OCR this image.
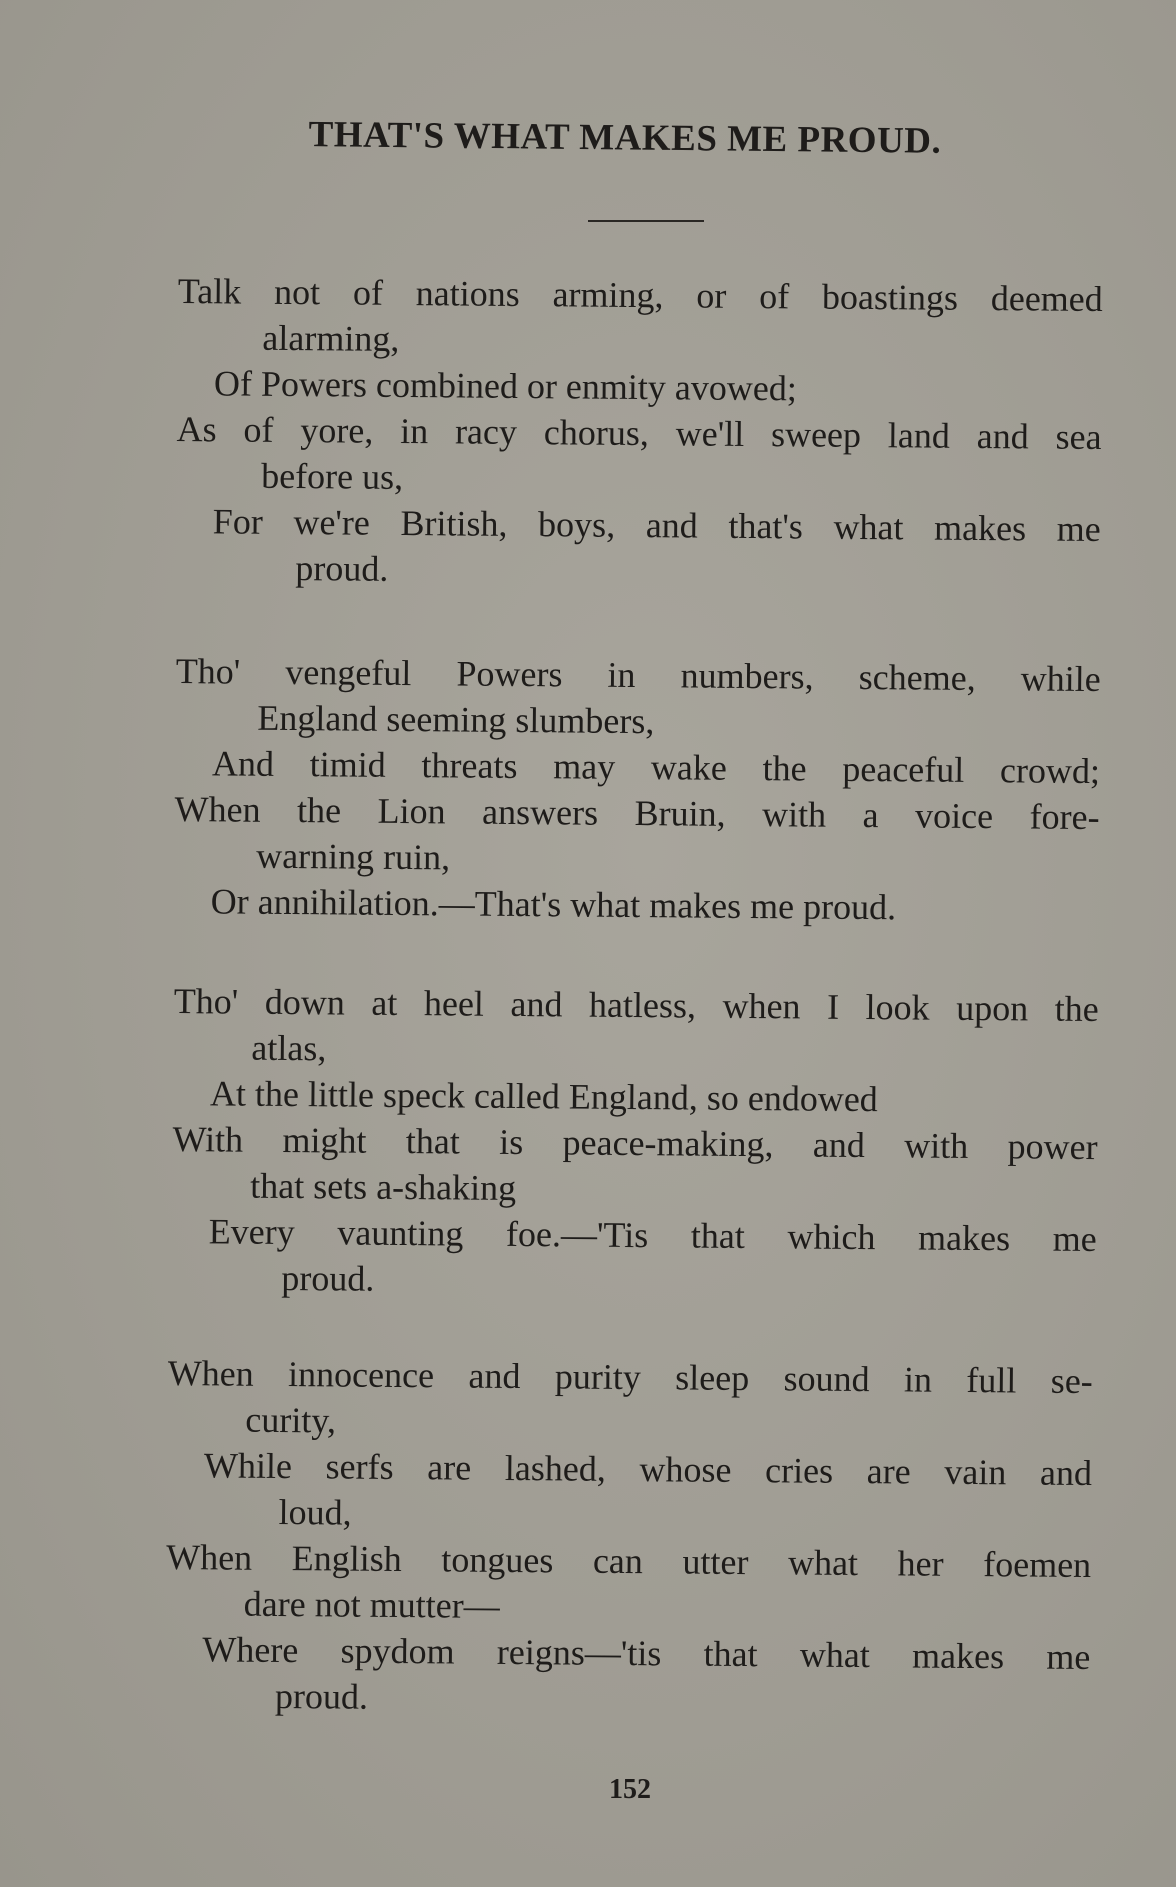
THAT'S WHAT MAKES ME PROUD.
Talk not of nations arming, or of boastings deemed
alarming,
Of Powers combined or enmity avowed;
As of yore, in racy chorus, we'll sweep land and sea
before us,
For we're British, boys, and that's what makes me
proud.
Tho' vengeful Powers in numbers, scheme, while
England seeming slumbers,
And timid threats may wake the peaceful crowd;
When the Lion answers Bruin, with a voice fore-
warning ruin,
Or annihilation.—That's what makes me proud.
Tho' down at heel and hatless, when I look upon the
atlas,
At the little speck called England, so endowed
With might that is peace-making, and with power
that sets a-shaking
Every vaunting foe.—'Tis that which makes me
proud.
When innocence and purity sleep sound in full se-
curity,
While serfs are lashed, whose cries are vain and
loud,
When English tongues can utter what her foemen
dare not mutter—
Where spydom reigns—'tis that what makes me
proud.
152
